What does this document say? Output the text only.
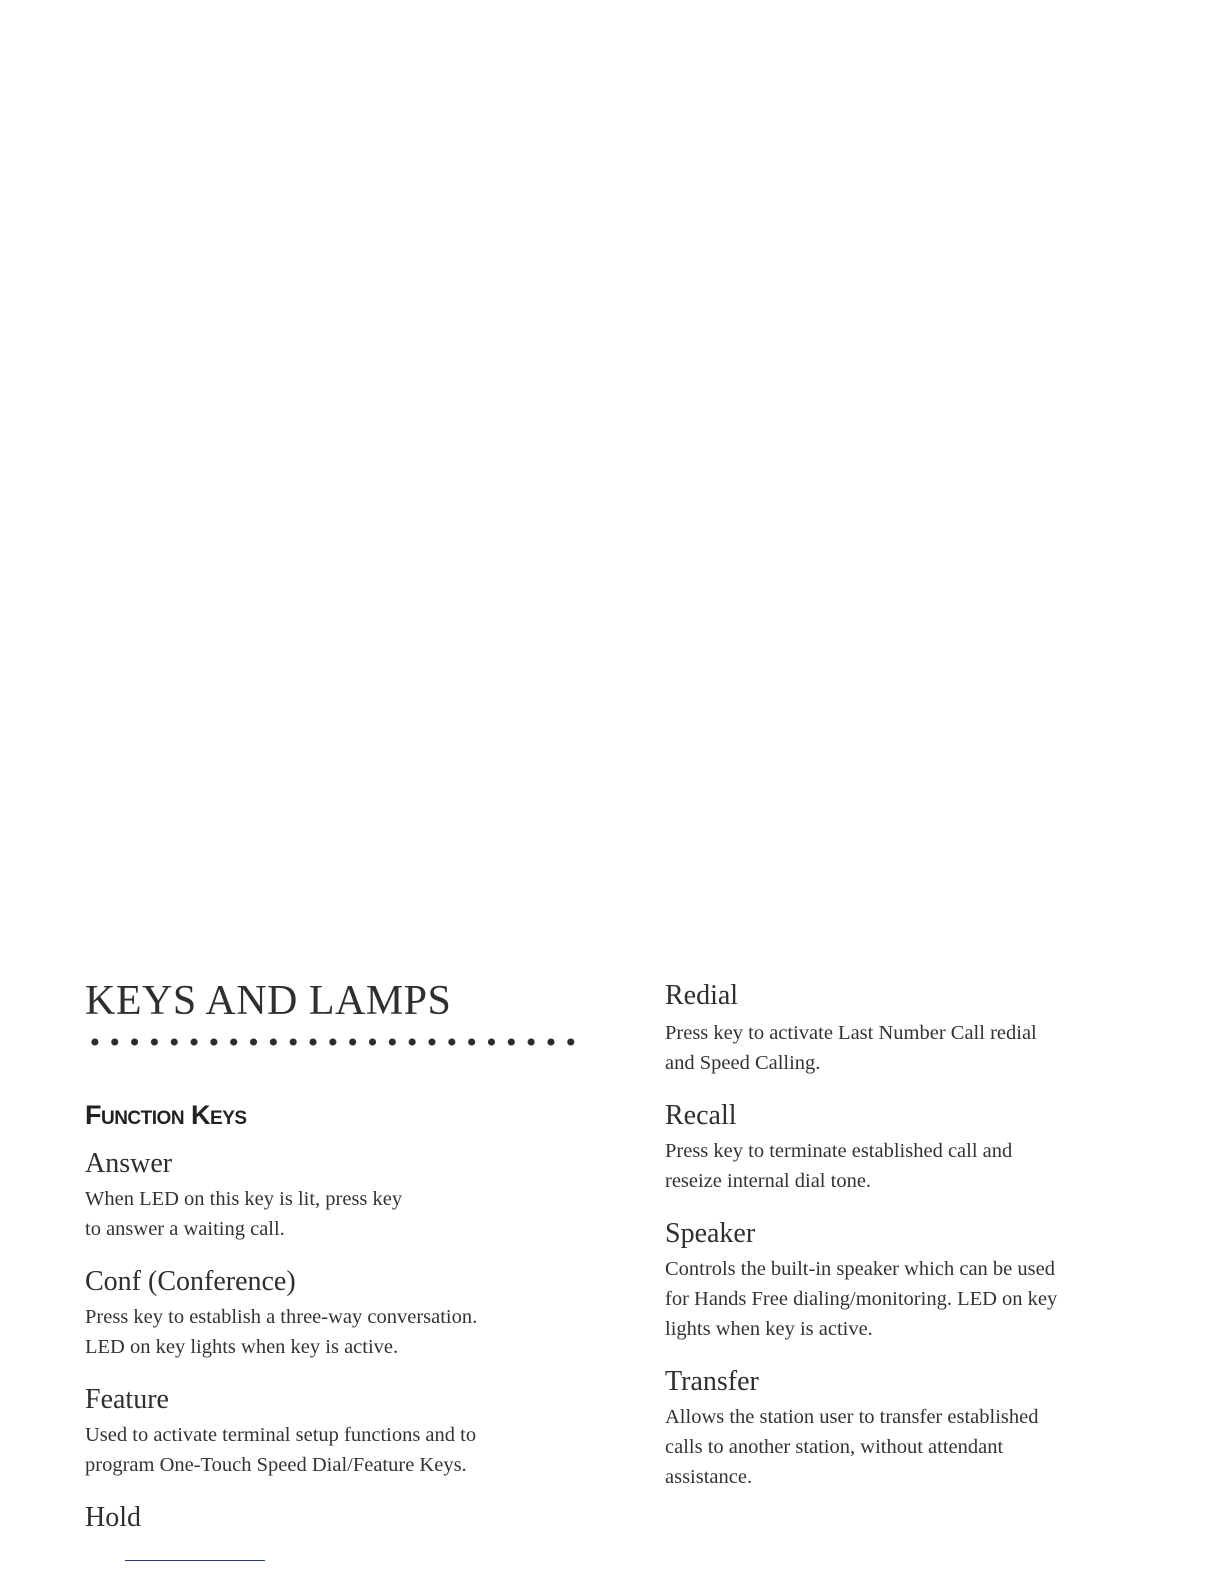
KEYS AND LAMPS
Function Keys
Answer
When LED on this key is lit, press key
to answer a waiting call.
Conf (Conference)
Press key to establish a three-way conversation.
LED on key lights when key is active.
Feature
Used to activate terminal setup functions and to
program One-Touch Speed Dial/Feature Keys.
Hold
Redial
Press key to activate Last Number Call redial
and Speed Calling.
Recall
Press key to terminate established call and
reseize internal dial tone.
Speaker
Controls the built-in speaker which can be used
for Hands Free dialing/monitoring. LED on key
lights when key is active.
Transfer
Allows the station user to transfer established
calls to another station, without attendant
assistance.
